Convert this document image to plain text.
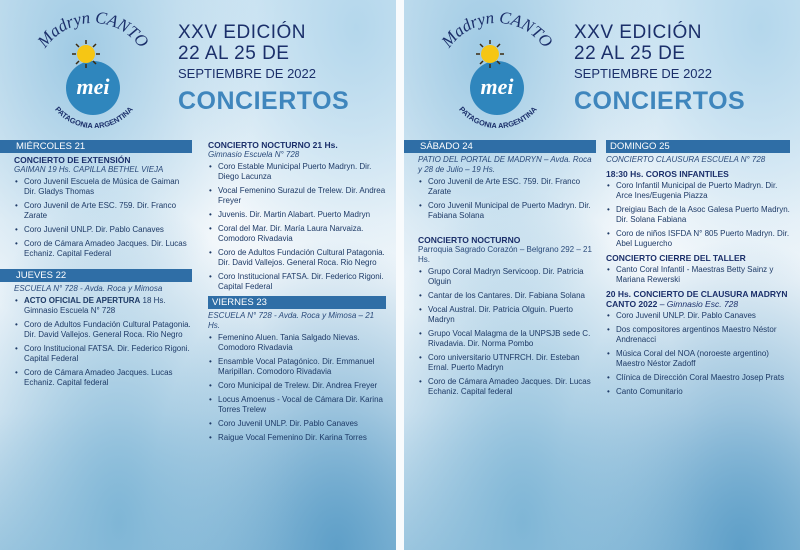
mei
Madryn CANTO
PATAGONIA ARGENTINA
XXV EDICIÓN
22 AL 25 DE
SEPTIEMBRE DE 2022
CONCIERTOS
MIÉRCOLES 21
CONCIERTO DE EXTENSIÓN
GAIMAN 19 Hs. CAPILLA BETHEL VIEJA
• Coro Juvenil Escuela de Música de Gaiman Dir. Gladys Thomas
• Coro Juvenil de Arte ESC. 759. Dir. Franco Zarate
• Coro Juvenil UNLP. Dir. Pablo Canaves
• Coro de Cámara Amadeo Jacques. Dir. Lucas Echaniz. Capital Federal
JUEVES 22
ESCUELA N° 728 - Avda. Roca y Mimosa
• ACTO OFICIAL DE APERTURA 18 Hs. Gimnasio Escuela N° 728
• Coro de Adultos Fundación Cultural Patagonia. Dir. David Vallejos. General Roca. Rio Negro
• Coro Institucional FATSA. Dir. Federico Rigoni. Capital Federal
• Coro de Cámara Amadeo Jacques. Lucas Echaniz. Capital federal
CONCIERTO NOCTURNO 21 Hs.
Gimnasio Escuela N° 728
• Coro Estable Municipal Puerto Madryn. Dir. Diego Lacunza
• Vocal Femenino Surazul de Trelew. Dir. Andrea Freyer
• Juvenis. Dir. Martin Alabart. Puerto Madryn
• Coral del Mar. Dir. María Laura Narvaiza. Comodoro Rivadavia
• Coro de Adultos Fundación Cultural Patagonia. Dir. David Vallejos. General Roca. Rio Negro
• Coro Institucional FATSA. Dir. Federico Rigoni. Capital Federal
VIERNES 23
ESCUELA N° 728 - Avda. Roca y Mimosa – 21 Hs.
• Femenino Aluen. Tania Salgado Nievas. Comodoro Rivadavia
• Ensamble Vocal Patagónico. Dir. Emmanuel Maripillan. Comodoro Rivadavia
• Coro Municipal de Trelew. Dir. Andrea Freyer
• Locus Amoenus - Vocal de Cámara Dir. Karina Torres Trelew
• Coro Juvenil UNLP. Dir. Pablo Canaves
• Raigue Vocal Femenino Dir. Karina Torres
mei
Madryn CANTO
PATAGONIA ARGENTINA
XXV EDICIÓN
22 AL 25 DE
SEPTIEMBRE DE 2022
CONCIERTOS
SÁBADO 24
PATIO DEL PORTAL DE MADRYN – Avda. Roca y 28 de Julio – 19 Hs.
• Coro Juvenil de Arte ESC. 759. Dir. Franco Zarate
• Coro Juvenil Municipal de Puerto Madryn. Dir. Fabiana Solana
CONCIERTO NOCTURNO
Parroquia Sagrado Corazón – Belgrano 292 – 21 Hs.
• Grupo Coral Madryn Servicoop. Dir. Patricia Olguin
• Cantar de los Cantares. Dir. Fabiana Solana
• Vocal Austral. Dir. Patricia Olguin. Puerto Madryn
• Grupo Vocal Malagma de la UNPSJB sede C. Rivadavia. Dir. Norma Pombo
• Coro universitario UTNFRCH. Dir. Esteban Ernal. Puerto Madryn
• Coro de Cámara Amadeo Jacques. Dir. Lucas Echaniz. Capital federal
DOMINGO 25
CONCIERTO CLAUSURA ESCUELA N° 728
18:30 Hs. COROS INFANTILES
• Coro Infantil Municipal de Puerto Madryn. Dir. Arce Ines/Eugenia Piazza
• Dreigiau Bach de la Asoc Galesa Puerto Madryn. Dir. Solana Fabiana
• Coro de niños ISFDA N° 805 Puerto Madryn. Dir. Abel Luguercho
CONCIERTO CIERRE DEL TALLER
• Canto Coral Infantil - Maestras Betty Sainz y Mariana Rewerski
20 Hs. CONCIERTO DE CLAUSURA MADRYN CANTO 2022 – Gimnasio Esc. 728
• Coro Juvenil UNLP. Dir. Pablo Canaves
• Dos compositores argentinos Maestro Néstor Andrenacci
• Música Coral del NOA (noroeste argentino) Maestro Néstor Zadoff
• Clínica de Dirección Coral Maestro Josep Prats
• Canto Comunitario
